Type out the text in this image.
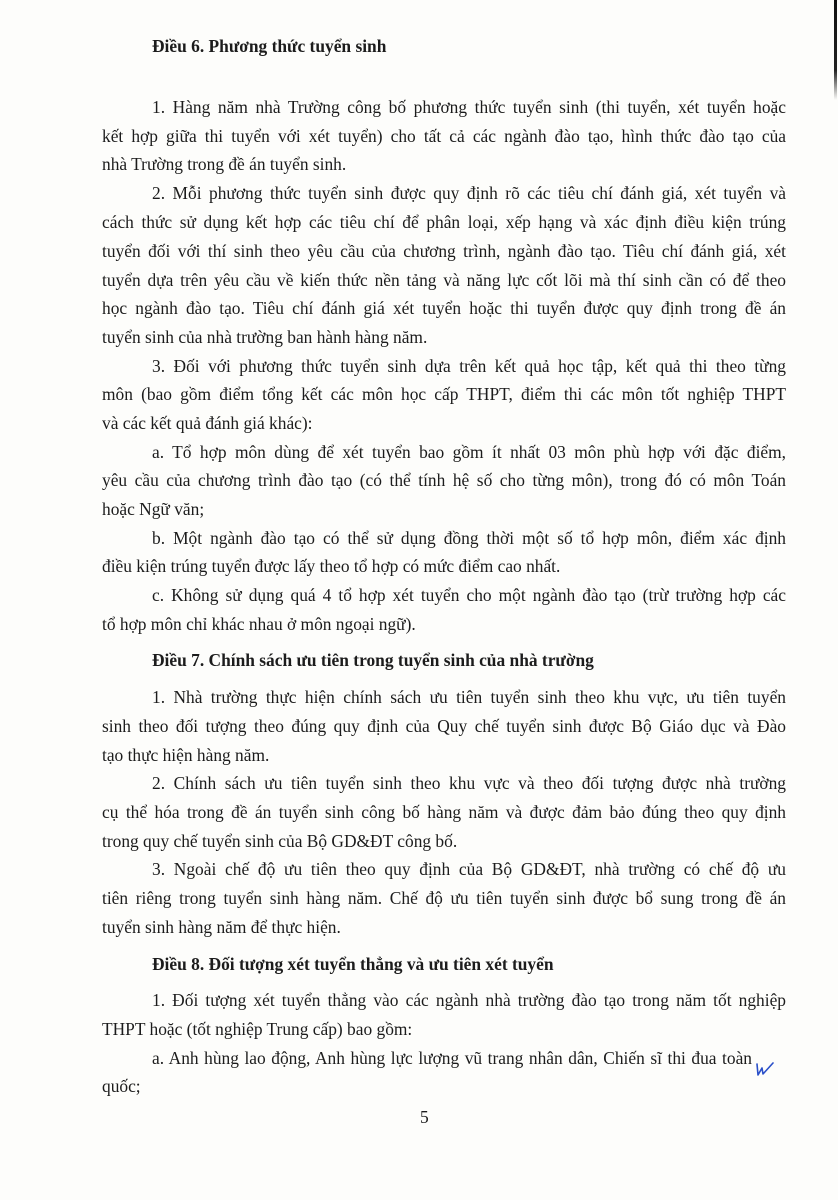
Điều 6. Phương thức tuyển sinh
1. Hàng năm nhà Trường công bố phương thức tuyển sinh (thi tuyển, xét tuyển hoặc
kết hợp giữa thi tuyển với xét tuyển) cho tất cả các ngành đào tạo, hình thức đào tạo của
nhà Trường trong đề án tuyển sinh.
2. Mỗi phương thức tuyển sinh được quy định rõ các tiêu chí đánh giá, xét tuyển và
cách thức sử dụng kết hợp các tiêu chí để phân loại, xếp hạng và xác định điều kiện trúng
tuyển đối với thí sinh theo yêu cầu của chương trình, ngành đào tạo. Tiêu chí đánh giá, xét
tuyển dựa trên yêu cầu về kiến thức nền tảng và năng lực cốt lõi mà thí sinh cần có để theo
học ngành đào tạo. Tiêu chí đánh giá xét tuyển hoặc thi tuyển được quy định trong đề án
tuyển sinh của nhà trường ban hành hàng năm.
3. Đối với phương thức tuyển sinh dựa trên kết quả học tập, kết quả thi theo từng
môn (bao gồm điểm tổng kết các môn học cấp THPT, điểm thi các môn tốt nghiệp THPT
và các kết quả đánh giá khác):
a. Tổ hợp môn dùng để xét tuyển bao gồm ít nhất 03 môn phù hợp với đặc điểm,
yêu cầu của chương trình đào tạo (có thể tính hệ số cho từng môn), trong đó có môn Toán
hoặc Ngữ văn;
b. Một ngành đào tạo có thể sử dụng đồng thời một số tổ hợp môn, điểm xác định
điều kiện trúng tuyển được lấy theo tổ hợp có mức điểm cao nhất.
c. Không sử dụng quá 4 tổ hợp xét tuyển cho một ngành đào tạo (trừ trường hợp các
tổ hợp môn chỉ khác nhau ở môn ngoại ngữ).
Điều 7. Chính sách ưu tiên trong tuyển sinh của nhà trường
1. Nhà trường thực hiện chính sách ưu tiên tuyển sinh theo khu vực, ưu tiên tuyển
sinh theo đối tượng theo đúng quy định của Quy chế tuyển sinh được Bộ Giáo dục và Đào
tạo thực hiện hàng năm.
2. Chính sách ưu tiên tuyển sinh theo khu vực và theo đối tượng được nhà trường
cụ thể hóa trong đề án tuyển sinh công bố hàng năm và được đảm bảo đúng theo quy định
trong quy chế tuyển sinh của Bộ GD&ĐT công bố.
3. Ngoài chế độ ưu tiên theo quy định của Bộ GD&ĐT, nhà trường có chế độ ưu
tiên riêng trong tuyển sinh hàng năm. Chế độ ưu tiên tuyển sinh được bổ sung trong đề án
tuyển sinh hàng năm để thực hiện.
Điều 8. Đối tượng xét tuyển thẳng và ưu tiên xét tuyển
1. Đối tượng xét tuyển thẳng vào các ngành nhà trường đào tạo trong năm tốt nghiệp
THPT hoặc (tốt nghiệp Trung cấp) bao gồm:
a. Anh hùng lao động, Anh hùng lực lượng vũ trang nhân dân, Chiến sĩ thi đua toàn
quốc;
5
